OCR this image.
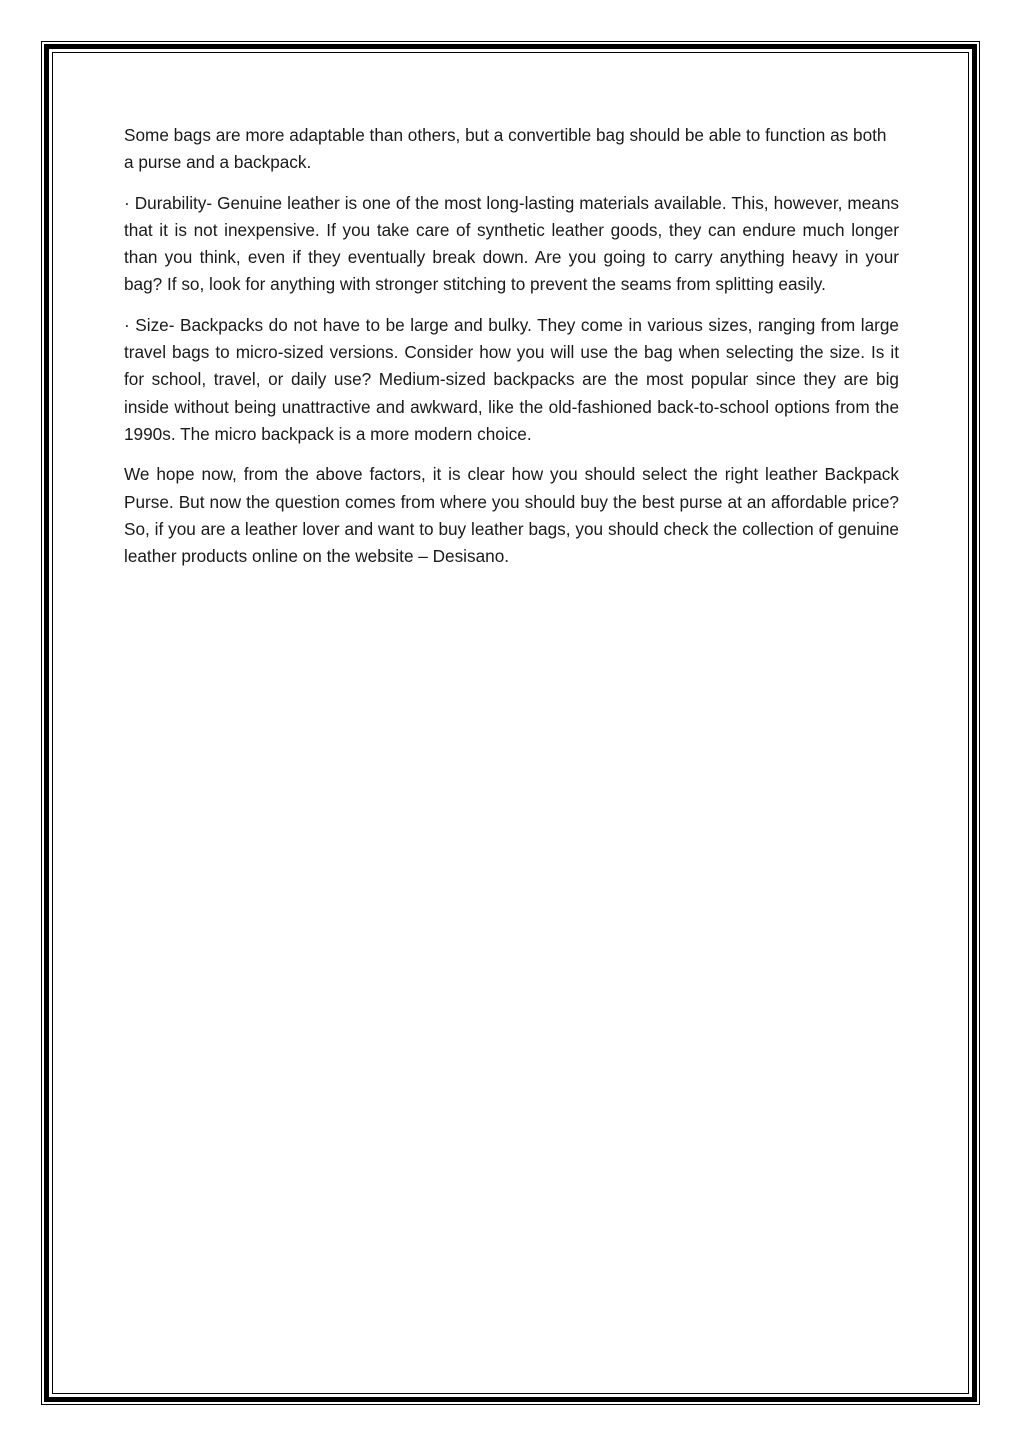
Some bags are more adaptable than others, but a convertible bag should be able to function as both a purse and a backpack.

· Durability- Genuine leather is one of the most long-lasting materials available. This, however, means that it is not inexpensive. If you take care of synthetic leather goods, they can endure much longer than you think, even if they eventually break down. Are you going to carry anything heavy in your bag? If so, look for anything with stronger stitching to prevent the seams from splitting easily.

· Size- Backpacks do not have to be large and bulky. They come in various sizes, ranging from large travel bags to micro-sized versions. Consider how you will use the bag when selecting the size. Is it for school, travel, or daily use? Medium-sized backpacks are the most popular since they are big inside without being unattractive and awkward, like the old-fashioned back-to-school options from the 1990s. The micro backpack is a more modern choice.

We hope now, from the above factors, it is clear how you should select the right leather Backpack Purse. But now the question comes from where you should buy the best purse at an affordable price? So, if you are a leather lover and want to buy leather bags, you should check the collection of genuine leather products online on the website – Desisano.
